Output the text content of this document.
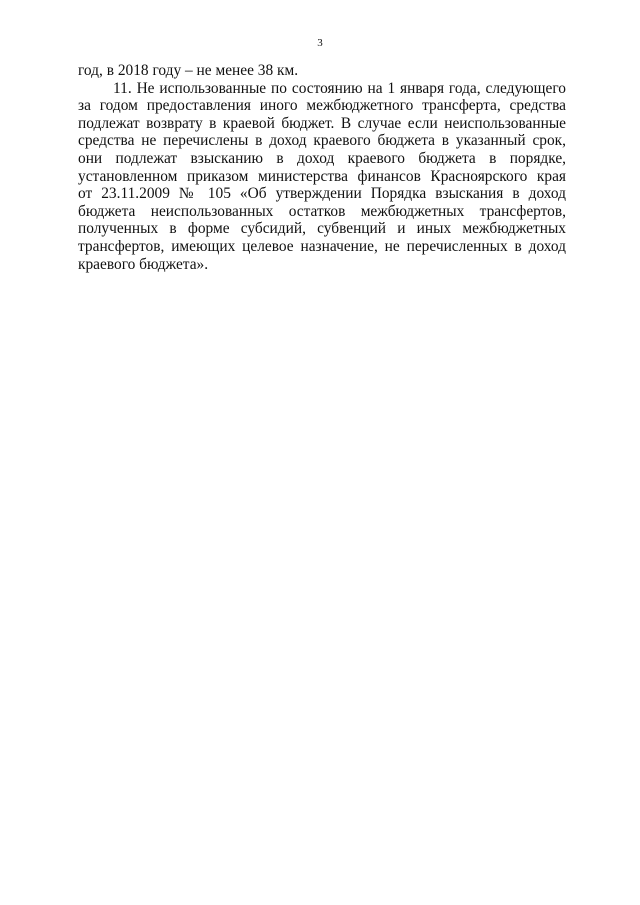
3
год, в 2018 году – не менее 38 км.
11. Не использованные по состоянию на 1 января года, следующего
за годом предоставления иного межбюджетного трансферта, средства
подлежат возврату в краевой бюджет. В случае если неиспользованные
средства не перечислены в доход краевого бюджета в указанный срок,
они подлежат взысканию в доход краевого бюджета в порядке,
установленном приказом министерства финансов Красноярского края
от 23.11.2009 № 105 «Об утверждении Порядка взыскания в доход
бюджета неиспользованных остатков межбюджетных трансфертов,
полученных в форме субсидий, субвенций и иных межбюджетных
трансфертов, имеющих целевое назначение, не перечисленных в доход
краевого бюджета».
